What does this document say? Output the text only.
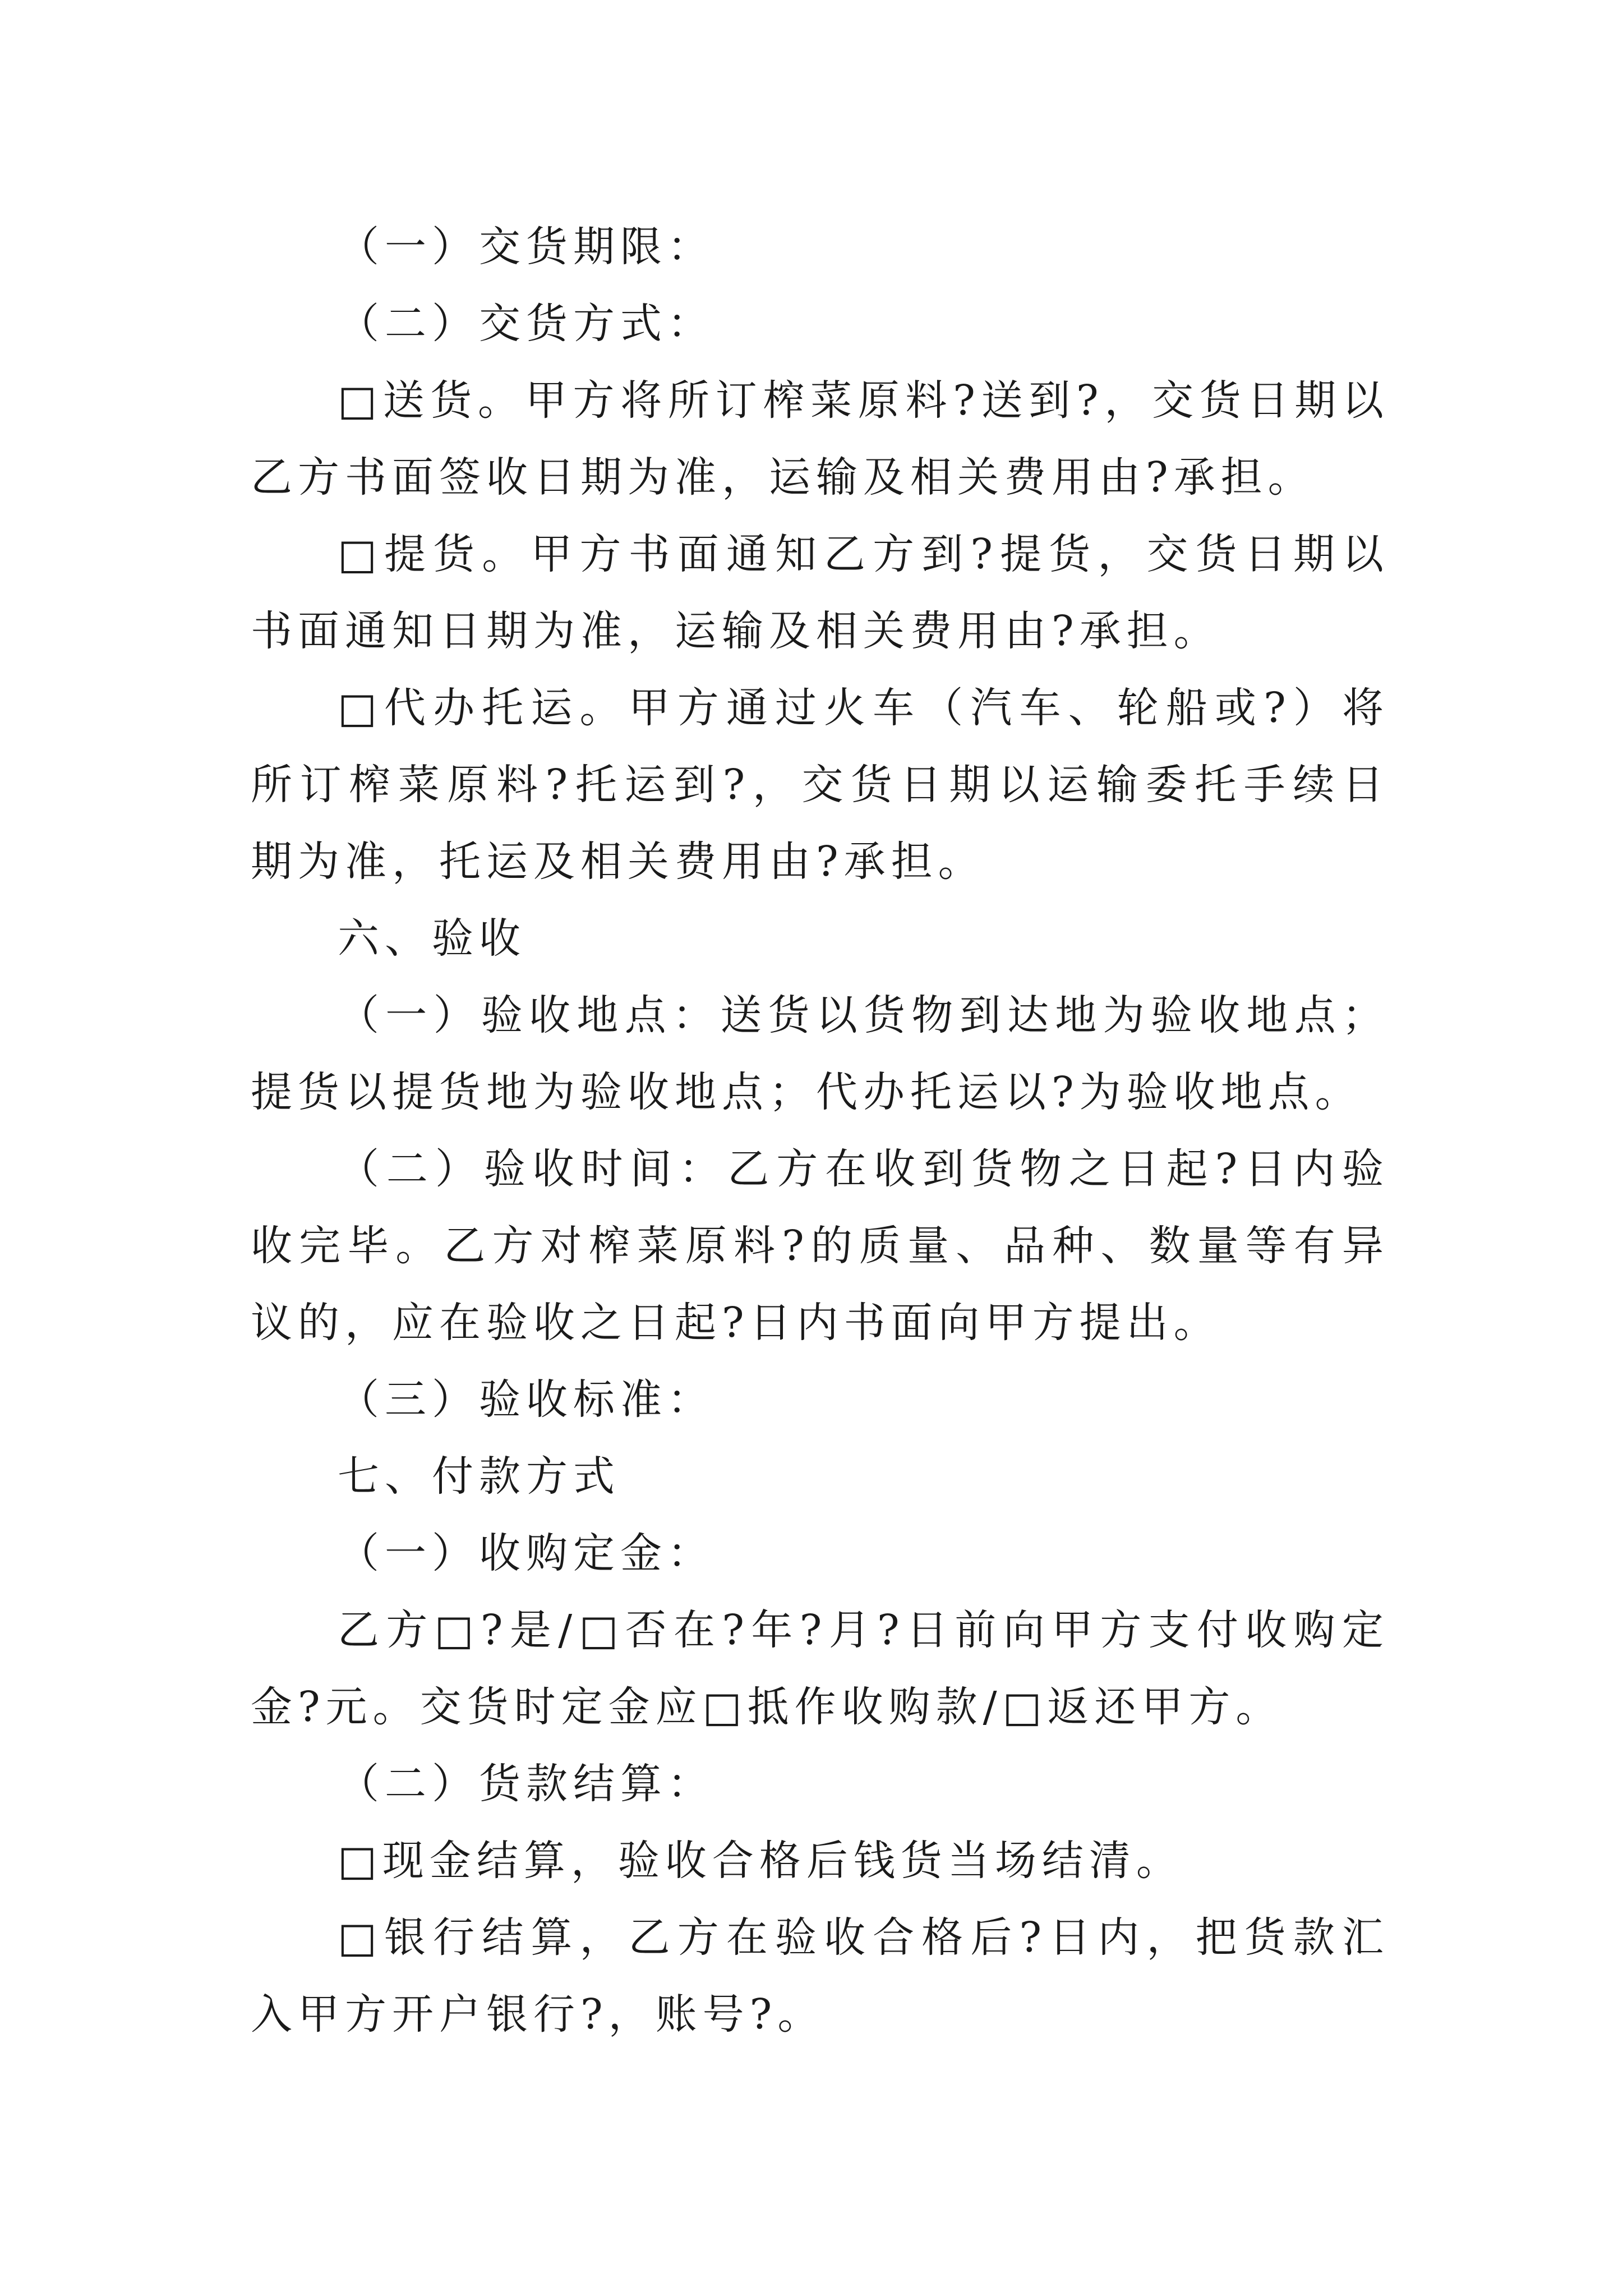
（一）交货期限：

（二）交货方式：

□送货。甲方将所订榨菜原料?送到?，交货日期以乙方书面签收日期为准，运输及相关费用由?承担。

□提货。甲方书面通知乙方到?提货，交货日期以书面通知日期为准，运输及相关费用由?承担。

□代办托运。甲方通过火车（汽车、轮船或?）将所订榨菜原料?托运到?，交货日期以运输委托手续日期为准，托运及相关费用由?承担。

六、验收

（一）验收地点：送货以货物到达地为验收地点；提货以提货地为验收地点；代办托运以?为验收地点。

（二）验收时间：乙方在收到货物之日起?日内验收完毕。乙方对榨菜原料?的质量、品种、数量等有异议的，应在验收之日起?日内书面向甲方提出。

（三）验收标准：

七、付款方式

（一）收购定金：

乙方□?是/□否在?年?月?日前向甲方支付收购定金?元。交货时定金应□抵作收购款/□返还甲方。

（二）货款结算：

□现金结算，验收合格后钱货当场结清。

□银行结算，乙方在验收合格后?日内，把货款汇入甲方开户银行?，账号?。
